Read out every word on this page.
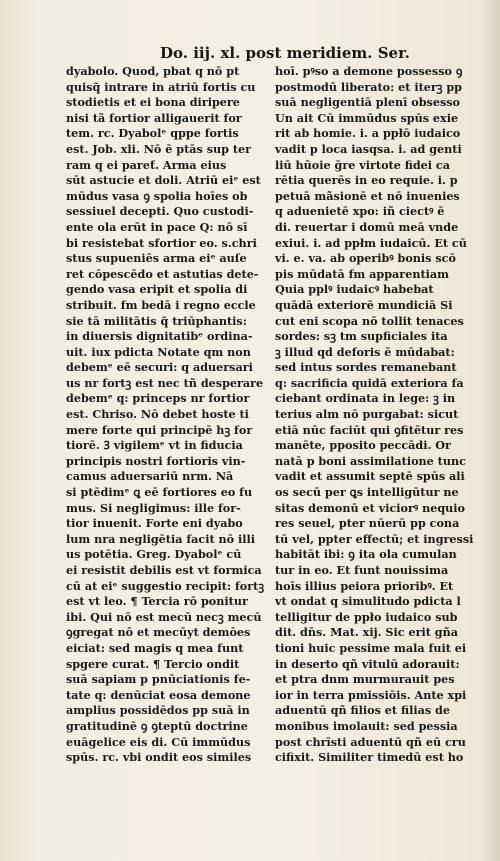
Do. iij. xl. post meridiem. Ser.
dyabolo. Quod, pbat q nō pt
quisq̃ intrare in atriū fortis cu
stodietis et ei bona diripere
nisi tã fortior alligauerit for
tem. rc. Dyabolᵉ qppe fortis
est. Job. xli. Nō ē ptās sup ter
ram q ei pareƭ. Arma eius
sūt astucie et doli. Atriū eiᵉ est
mūdus vasa ꝯ spolia hoīes ob
sessiuel decepti. Quo custodi-
ente ola erūt in pace Q: nō sī
bi resistebat sfortior eo. s.chri
stus supueniēs arma eiᵉ auſe
ret cōpescēdo et astutias dete-
gendo vasa eripit et spolia di
stribuit. fm bedā i regno eccle
sie tā militātis q̃ triūphantis:
in diuersis dignitatibᵉ ordina-
uit. iux pdicta Notate qm non
debemᵉ eē securi: q aduersari
us nr fortꝫ est nec tñ desperare
debemᵉ q: princeps nr fortior
est. Chriso. Nō debet hoste ti
mere forte qui principē hꝫ for
tiorē. Ꝫ vigilemᵉ vt in fiducia
principis nostri fortioris vin-
camus aduersariū nrm. Nā
si ptēdimᵉ ꝗ eē fortiores eo fu
mus. Si negligimus: ille for-
tior inuenit. Forte eni dyabo
lum nra negligētia facit nō illi
us potētia. Greg. Dyabolᵉ cū
ei resistit debilis est vt formica
cū at eiᵉ suggestio recipit: fortꝫ
est vt leo. ¶ Tercia rō ponitur
ibi. Qui nō est mecū necꝫ mecū
ꝯgregat nō et mecūyt demōes
eiciat: sed magis q mea funt
spgere curat. ¶ Tercio ondit
suā sapiam p pnūciationis fe-
tate q: denūciat eosa demone
amplius possidēdos pp suā in
gratitudinē ꝯ ꝯteptū doctrine
euāgelice eis di. Cū immūdus
spūs. rc. vbi ondit eos similes
hoī. pꝰso a demone possesso ꝯ
postmodū liberato: et iterꝫ pp
suā negligentiā plenī obsesso
Un ait Cū immūdus spūs exie
rit ab homie. i. a ppłō iudaico
vadit p loca iasqsa. i. ad genti
liū hūoie ḡre virtote fidei ca
rētia querēs in eo requie. i. p
petuā mãsionē et nō inuenies
q aduenietē xpo: iñ ciectꝰ ē
di. reuertar i domū meā vnde
exiui. i. ad ppłm iudaicū. Et cū
vi. e. va. ab operibꝰ bonis scō
pis mūdatā fm apparentiam
Quia pplꝰ iudaicꝰ habebat
quādā exteriorē mundiciā Si
cut eni scopa nō tollit tenaces
sordes: sꝫ tm supficiales ita
ꝫ illud qd deforis ē mūdabat:
sed intus sordes remanebant
q: sacrificia quidā exteriora fa
ciebant ordinata in lege: ꝫ in
terius alm nō purgabat: sicut
etiā nūc faciūt qui ꝯfitētur res
manēte, pposito peccādi. Or
natā p boni assimilatione tunc
vadit et assumit septē spūs ali
os secū per ꝗs intelligūtur ne
sitas demonū et viciorꝰ nequio
res seuel, pter nūerū pp cona
tū vel, ppter effectū; et ingressi
habitāt ibi: ꝯ ita ola cumulan
tur in eo. Et funt nouissima
hoīs illius peiora prioribꝰ. Et
vt ondat q simulitudo pdicta l
telligitur de ppło iudaico sub
dit. dn̄s. Mat. xij. Sic erit gña
tioni huic pessime mala fuit ei
in deserto qñ vitulū adorauit:
et ptra dnm murmurauit pes
ior in terra pmissiōis. Ante xpi
aduentū qñ filios et filias de
monibus imolauit: sed pessia
post chrīsti aduentū qñ eū cru
cifixit. Similiter timedū est ho
